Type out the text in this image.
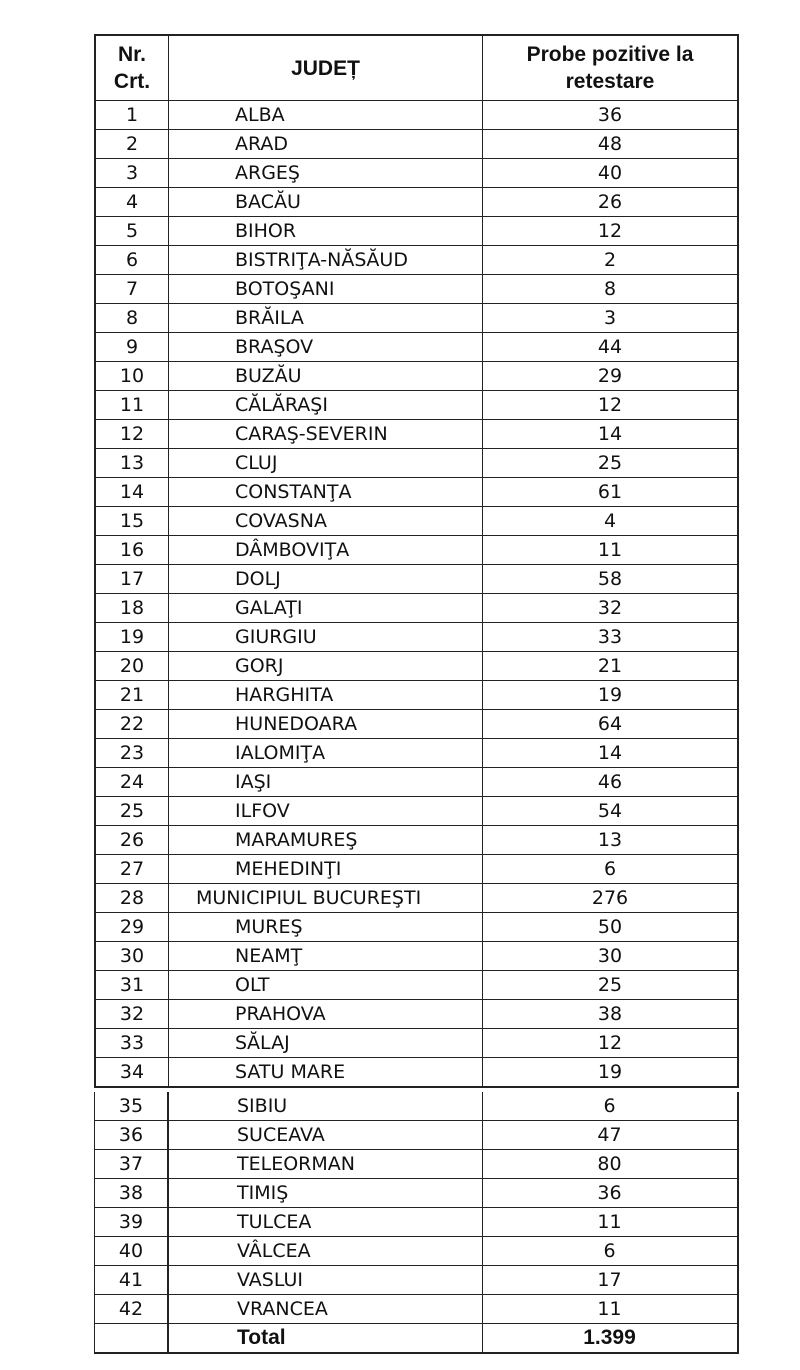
Nr.
Crt.	JUDEȚ	Probe pozitive la
retestare
1	ALBA	36
2	ARAD	48
3	ARGEŞ	40
4	BACĂU	26
5	BIHOR	12
6	BISTRIŢA-NĂSĂUD	2
7	BOTOŞANI	8
8	BRĂILA	3
9	BRAŞOV	44
10	BUZĂU	29
11	CĂLĂRAŞI	12
12	CARAŞ-SEVERIN	14
13	CLUJ	25
14	CONSTANŢA	61
15	COVASNA	4
16	DÂMBOVIŢA	11
17	DOLJ	58
18	GALAŢI	32
19	GIURGIU	33
20	GORJ	21
21	HARGHITA	19
22	HUNEDOARA	64
23	IALOMIŢA	14
24	IAŞI	46
25	ILFOV	54
26	MARAMUREŞ	13
27	MEHEDINŢI	6
28	MUNICIPIUL BUCUREŞTI	276
29	MUREŞ	50
30	NEAMŢ	30
31	OLT	25
32	PRAHOVA	38
33	SĂLAJ	12
34	SATU MARE	19
35	SIBIU	6
36	SUCEAVA	47
37	TELEORMAN	80
38	TIMIŞ	36
39	TULCEA	11
40	VÂLCEA	6
41	VASLUI	17
42	VRANCEA	11
	Total	1.399
